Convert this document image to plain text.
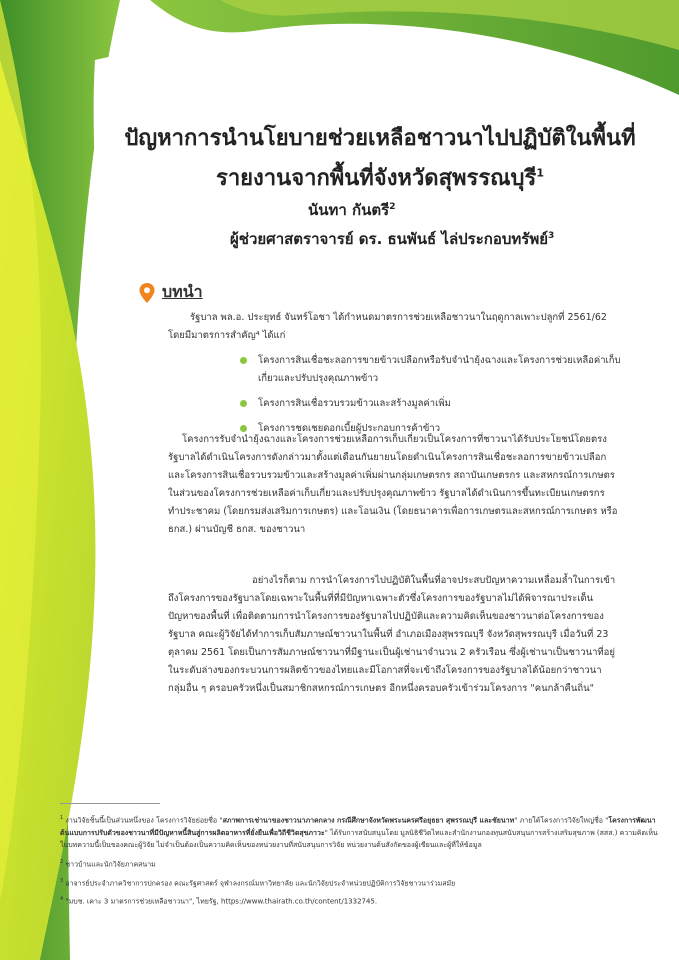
ปัญหาการนำนโยบายช่วยเหลือชาวนาไปปฏิบัติในพื้นที่
รายงานจากพื้นที่จังหวัดสุพรรณบุรี$^1$
นันทา กันตรี$^2$
ผู้ช่วยศาสตราจารย์ ดร. ธนพันธ์ ไล่ประกอบทรัพย์$^3$
บทนำ
รัฐบาล พล.อ. ประยุทธ์ จันทร์โอชา ได้กำหนดมาตรการช่วยเหลือชาวนาในฤดูกาลเพาะปลูกที่ 2561/62 โดยมีมาตรการสำคัญ⁴ ได้แก่
โครงการสินเชื่อชะลอการขายข้าวเปลือกหรือรับจำนำยุ้งฉางและโครงการช่วยเหลือค่าเก็บเกี่ยวและปรับปรุงคุณภาพข้าว
โครงการสินเชื่อรวบรวมข้าวและสร้างมูลค่าเพิ่ม
โครงการชดเชยดอกเบี้ยผู้ประกอบการค้าข้าว
โครงการรับจำนำยุ้งฉางและโครงการช่วยเหลือการเก็บเกี่ยวเป็นโครงการที่ชาวนาได้รับประโยชน์โดยตรง รัฐบาลได้ดำเนินโครงการดังกล่าวมาตั้งแต่เดือนกันยายนโดยดำเนินโครงการสินเชื่อชะลอการขายข้าวเปลือกและโครงการสินเชื่อรวบรวมข้าวและสร้างมูลค่าเพิ่มผ่านกลุ่มเกษตรกร สถาบันเกษตรกร และสหกรณ์การเกษตร ในส่วนของโครงการช่วยเหลือค่าเก็บเกี่ยวและปรับปรุงคุณภาพข้าว รัฐบาลได้ดำเนินการขึ้นทะเบียนเกษตรกร ทำประชาคม (โดยกรมส่งเสริมการเกษตร) และโอนเงิน (โดยธนาคารเพื่อการเกษตรและสหกรณ์การเกษตร หรือ ธกส.) ผ่านบัญชี ธกส. ของชาวนา
อย่างไรก็ตาม การนำโครงการไปปฏิบัติในพื้นที่อาจประสบปัญหาความเหลื่อมล้ำในการเข้าถึงโครงการของรัฐบาลโดยเฉพาะในพื้นที่ที่มีปัญหาเฉพาะตัวซึ่งโครงการของรัฐบาลไม่ได้พิจารณาประเด็นปัญหาของพื้นที่ เพื่อติดตามการนำโครงการของรัฐบาลไปปฏิบัติและความคิดเห็นของชาวนาต่อโครงการของรัฐบาล คณะผู้วิจัยได้ทำการเก็บสัมภาษณ์ชาวนาในพื้นที่ อำเภอเมืองสุพรรณบุรี จังหวัดสุพรรณบุรี เมื่อวันที่ 23 ตุลาคม 2561 โดยเป็นการสัมภาษณ์ชาวนาที่มีฐานะเป็นผู้เช่านาจำนวน 2 ครัวเรือน ซึ่งผู้เช่านาเป็นชาวนาที่อยู่ในระดับล่างของกระบวนการผลิตข้าวของไทยและมีโอกาสที่จะเข้าถึงโครงการของรัฐบาลได้น้อยกว่าชาวนากลุ่มอื่น ๆ ครอบครัวหนึ่งเป็นสมาชิกสหกรณ์การเกษตร อีกหนึ่งครอบครัวเข้าร่วมโครงการ "คนกล้าคืนถิ่น"
$^1$ งานวิจัยชิ้นนี้เป็นส่วนหนึ่งของ โครงการวิจัยย่อยชื่อ "สภาพการเช่านาของชาวนาภาคกลาง กรณีศึกษาจังหวัดพระนครศรีอยุธยา สุพรรณบุรี และชัยนาท" ภายใต้โครงการวิจัยใหญ่ชื่อ "โครงการพัฒนาต้นแบบการปรับตัวของชาวนาที่มีปัญหาหนี้สินสู่การผลิตอาหารที่ยั่งยืนเพื่อวิถีชีวิตสุขภาวะ" ได้รับการสนับสนุนโดย มูลนิธิชีวิตไทและสำนักงานกองทุนสนับสนุนการสร้างเสริมสุขภาพ (สสส.) ความคิดเห็นในบทความนี้เป็นของคณะผู้วิจัย ไม่จำเป็นต้องเป็นความคิดเห็นของหน่วยงานที่สนับสนุนการวิจัย หน่วยงานต้นสังกัดของผู้เขียนและผู้ที่ให้ข้อมูล
$^2$ ชาวบ้านและนักวิจัยภาคสนาม
$^3$ อาจารย์ประจำภาควิชาการปกครอง คณะรัฐศาสตร์ จุฬาลงกรณ์มหาวิทยาลัย และนักวิจัยประจำหน่วยปฏิบัติการวิจัยชาวนาร่วมสมัย
$^4$ "มบช. เคาะ 3 มาตรการช่วยเหลือชาวนา", ไทยรัฐ, https://www.thairath.co.th/content/1332745.
